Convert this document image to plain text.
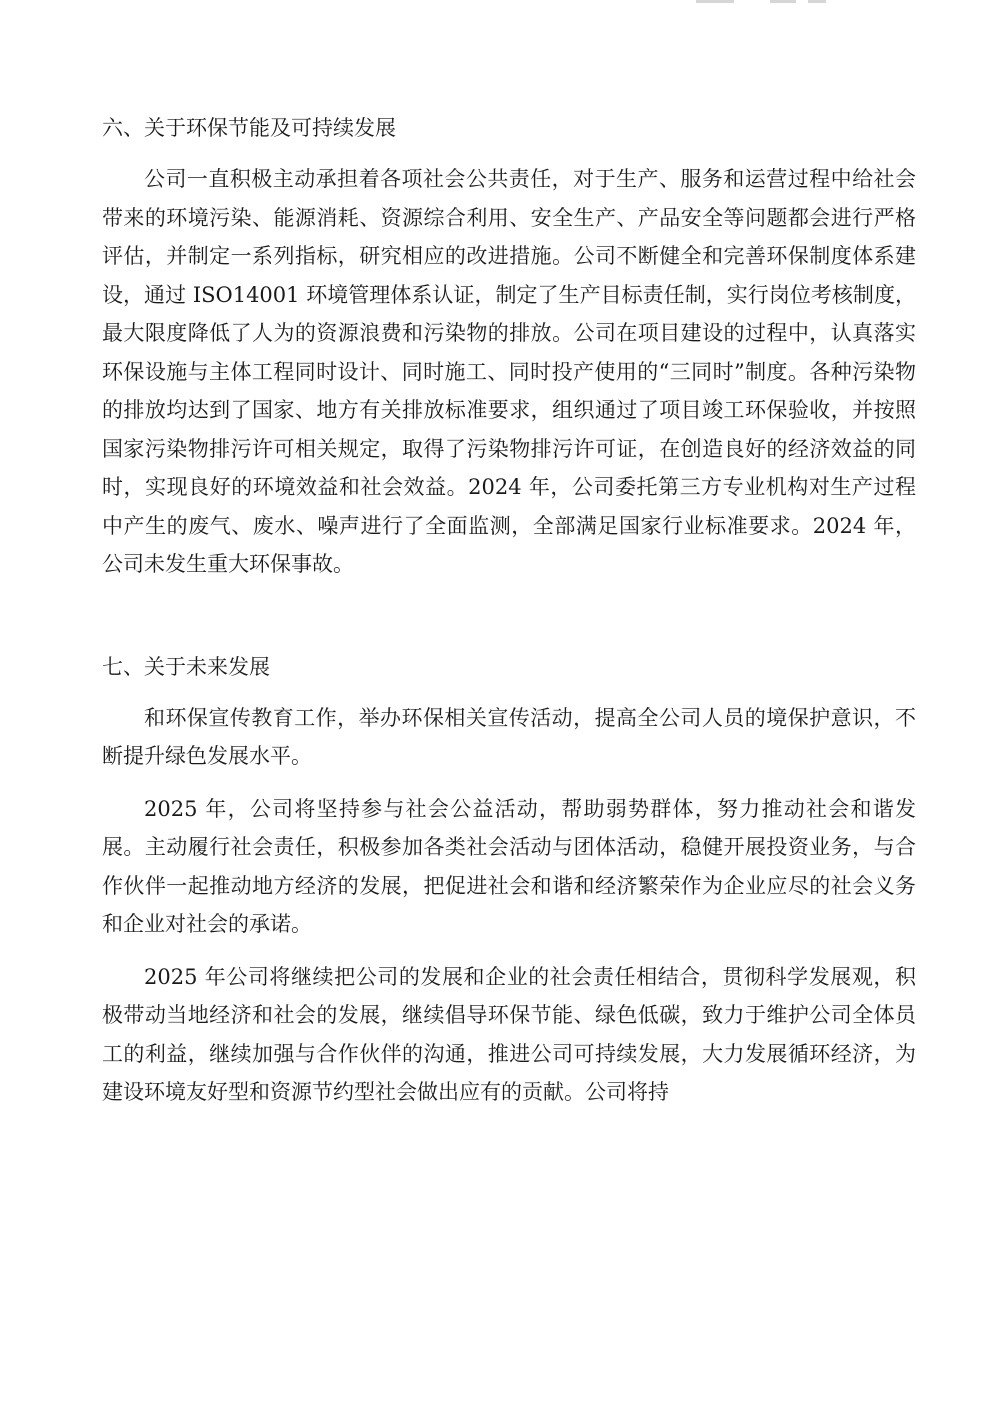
六、关于环保节能及可持续发展

公司一直积极主动承担着各项社会公共责任，对于生产、服务和运营过程中给社会带来的环境污染、能源消耗、资源综合利用、安全生产、产品安全等问题都会进行严格评估，并制定一系列指标，研究相应的改进措施。公司不断健全和完善环保制度体系建设，通过 ISO14001 环境管理体系认证，制定了生产目标责任制，实行岗位考核制度，最大限度降低了人为的资源浪费和污染物的排放。公司在项目建设的过程中，认真落实环保设施与主体工程同时设计、同时施工、同时投产使用的“三同时”制度。各种污染物的排放均达到了国家、地方有关排放标准要求，组织通过了项目竣工环保验收，并按照国家污染物排污许可相关规定，取得了污染物排污许可证，在创造良好的经济效益的同时，实现良好的环境效益和社会效益。2024 年，公司委托第三方专业机构对生产过程中产生的废气、废水、噪声进行了全面监测，全部满足国家行业标准要求。2024 年，公司未发生重大环保事故。

七、关于未来发展

和环保宣传教育工作，举办环保相关宣传活动，提高全公司人员的境保护意识，不断提升绿色发展水平。

2025 年，公司将坚持参与社会公益活动，帮助弱势群体，努力推动社会和谐发展。主动履行社会责任，积极参加各类社会活动与团体活动，稳健开展投资业务，与合作伙伴一起推动地方经济的发展，把促进社会和谐和经济繁荣作为企业应尽的社会义务和企业对社会的承诺。

2025 年公司将继续把公司的发展和企业的社会责任相结合，贯彻科学发展观，积极带动当地经济和社会的发展，继续倡导环保节能、绿色低碳，致力于维护公司全体员工的利益，继续加强与合作伙伴的沟通，推进公司可持续发展，大力发展循环经济，为建设环境友好型和资源节约型社会做出应有的贡献。公司将持
